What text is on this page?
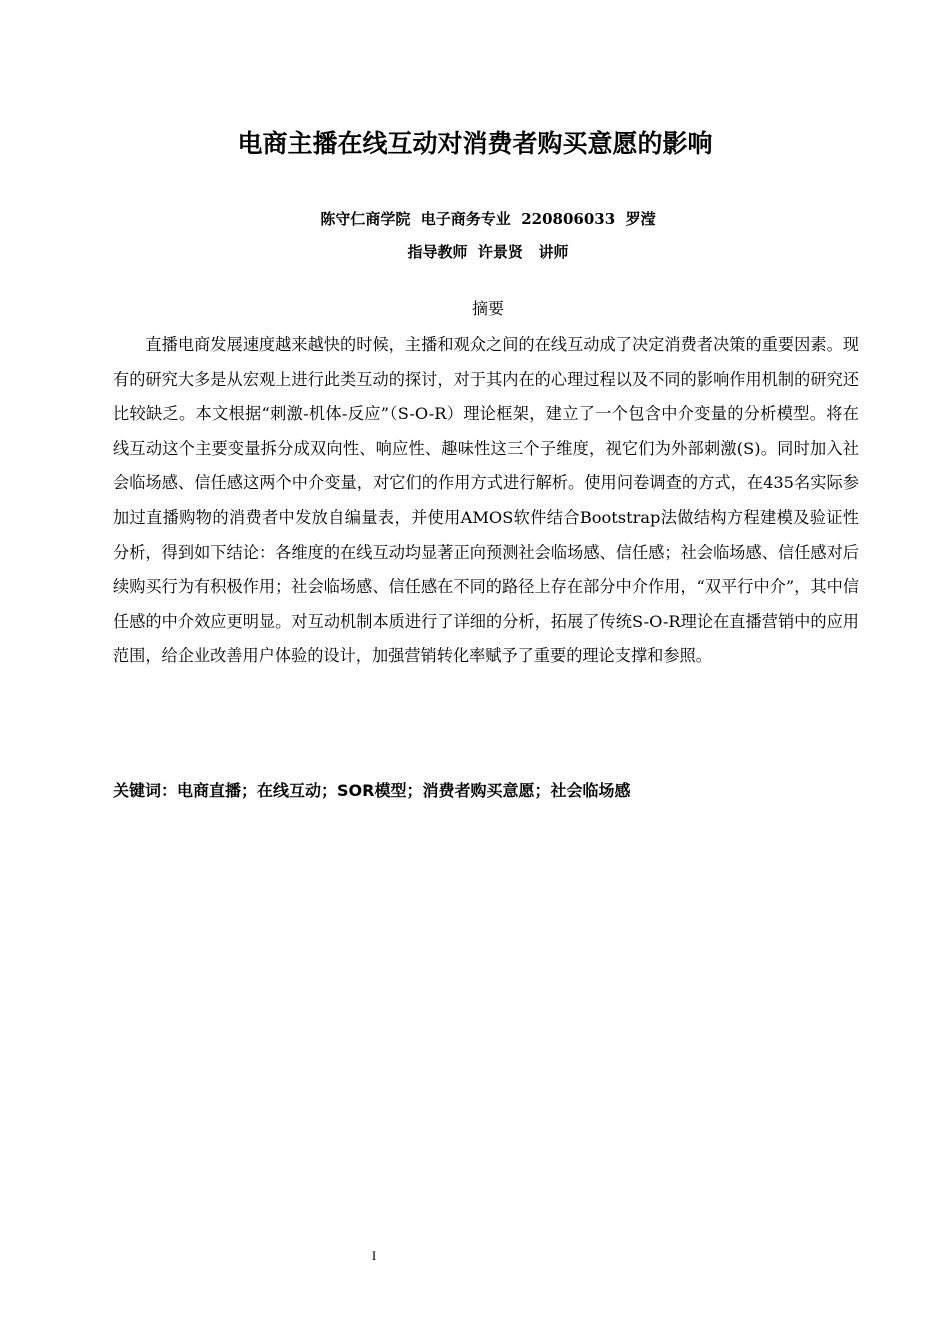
电商主播在线互动对消费者购买意愿的影响
陈守仁商学院  电子商务专业  220806033  罗滢
指导教师  许景贤   讲师
摘要

直播电商发展速度越来越快的时候，主播和观众之间的在线互动成了决定消费者决策的重要因素。现有的研究大多是从宏观上进行此类互动的探讨，对于其内在的心理过程以及不同的影响作用机制的研究还比较缺乏。本文根据“刺激-机体-反应”（S-O-R）理论框架，建立了一个包含中介变量的分析模型。将在线互动这个主要变量拆分成双向性、响应性、趣味性这三个子维度，视它们为外部刺激(S)。同时加入社会临场感、信任感这两个中介变量，对它们的作用方式进行解析。使用问卷调查的方式，在435名实际参加过直播购物的消费者中发放自编量表，并使用AMOS软件结合Bootstrap法做结构方程建模及验证性分析，得到如下结论：各维度的在线互动均显著正向预测社会临场感、信任感；社会临场感、信任感对后续购买行为有积极作用；社会临场感、信任感在不同的路径上存在部分中介作用，“双平行中介”，其中信任感的中介效应更明显。对互动机制本质进行了详细的分析，拓展了传统S-O-R理论在直播营销中的应用范围，给企业改善用户体验的设计，加强营销转化率赋予了重要的理论支撑和参照。

关键词：电商直播；在线互动；SOR模型；消费者购买意愿；社会临场感
I
